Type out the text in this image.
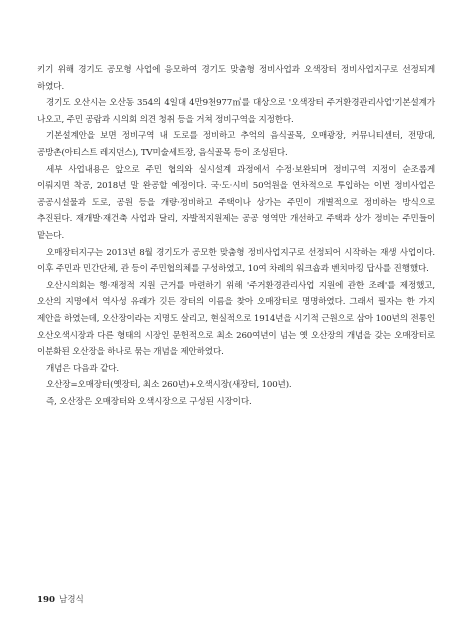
키기 위해 경기도 공모형 사업에 응모하여 경기도 맞춤형 정비사업과 오색장터 정비사업지구로 선정되게 하였다.

경기도 오산시는 오산동 354의 4일대 4만9천977㎡를 대상으로 '오색장터 주거환경관리사업'기본설계가 나오고, 주민 공람과 시의회 의견 청취 등을 거쳐 정비구역을 지정한다.

기본설계안을 보면 정비구역 내 도로를 정비하고 추억의 음식골목, 오매광장, 커뮤니티센터, 전망대, 공방촌(아티스트 레지던스), TV미술세트장, 음식골목 등이 조성된다.

세부 사업내용은 앞으로 주민 협의와 실시설계 과정에서 수정·보완되며 정비구역 지정이 순조롭게 이뤄지면 착공, 2018년 말 완공할 예정이다. 국·도·시비 50억원을 연차적으로 투입하는 이번 정비사업은 공공시설물과 도로, 공원 등을 개량·정비하고 주택이나 상가는 주민이 개별적으로 정비하는 방식으로 추진된다. 재개발·재건축 사업과 달리, 자발적지원제는 공공 영역만 개선하고 주택과 상가 정비는 주민들이 맡는다.

오매장터지구는 2013년 8월 경기도가 공모한 맞춤형 정비사업지구로 선정되어 시작하는 재생 사업이다. 이후 주민과 민간단체, 관 등이 주민협의체를 구성하였고, 10여 차례의 워크숍과 벤치마킹 답사를 진행했다.

오산시의회는 행·재정적 지원 근거를 마련하기 위해 '주거환경관리사업 지원에 관한 조례'를 제정했고, 오산의 지명에서 역사성 유래가 깃든 장터의 이름을 찾아 오매장터로 명명하였다. 그래서 필자는 한 가지 제안을 하였는데, 오산장이라는 지명도 살리고, 현실적으로 1914년을 시기적 근원으로 삼아 100년의 전통인 오산오색시장과 다른 형태의 시장인 문헌적으로 최소 260여년이 넘는 옛 오산장의 개념을 갖는 오매장터로 이분화된 오산장을 하나로 묶는 개념을 제안하였다.

개념은 다음과 같다.

오산장=오매장터(옛장터, 최소 260년)+오색시장(새장터, 100년).

즉, 오산장은 오매장터와 오색시장으로 구성된 시장이다.

190 남경식
